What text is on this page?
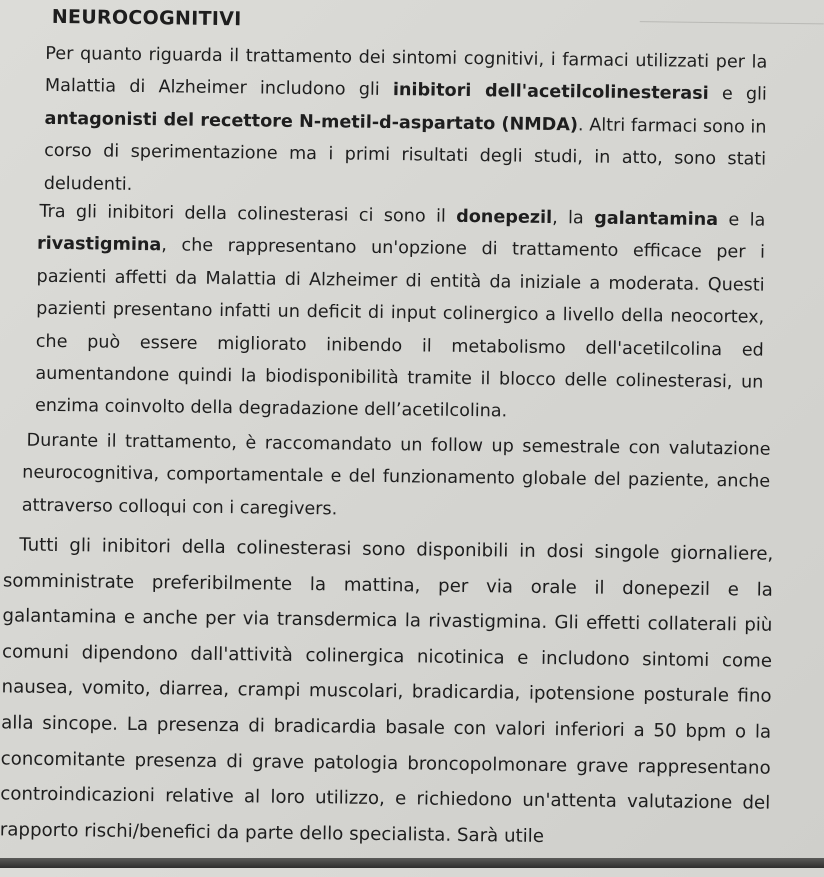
NEUROCOGNITIVI

Per quanto riguarda il trattamento dei sintomi cognitivi, i farmaci utilizzati per la Malattia di Alzheimer includono gli inibitori dell'acetilcolinesterasi e gli antagonisti del recettore N-metil-d-aspartato (NMDA). Altri farmaci sono in corso di sperimentazione ma i primi risultati degli studi, in atto, sono stati deludenti.

Tra gli inibitori della colinesterasi ci sono il donepezil, la galantamina e la rivastigmina, che rappresentano un'opzione di trattamento efficace per i pazienti affetti da Malattia di Alzheimer di entità da iniziale a moderata. Questi pazienti presentano infatti un deficit di input colinergico a livello della neocortex, che può essere migliorato inibendo il metabolismo dell'acetilcolina ed aumentandone quindi la biodisponibilità tramite il blocco delle colinesterasi, un enzima coinvolto della degradazione dell’acetilcolina.

Durante il trattamento, è raccomandato un follow up semestrale con valutazione neurocognitiva, comportamentale e del funzionamento globale del paziente, anche attraverso colloqui con i caregivers.

Tutti gli inibitori della colinesterasi sono disponibili in dosi singole giornaliere, somministrate preferibilmente la mattina, per via orale il donepezil e la galantamina e anche per via transdermica la rivastigmina. Gli effetti collaterali più comuni dipendono dall'attività colinergica nicotinica e includono sintomi come nausea, vomito, diarrea, crampi muscolari, bradicardia, ipotensione posturale fino alla sincope. La presenza di bradicardia basale con valori inferiori a 50 bpm o la concomitante presenza di grave patologia broncopolmonare grave rappresentano controindicazioni relative al loro utilizzo, e richiedono un'attenta valutazione del rapporto rischi/benefici da parte dello specialista. Sarà utile
